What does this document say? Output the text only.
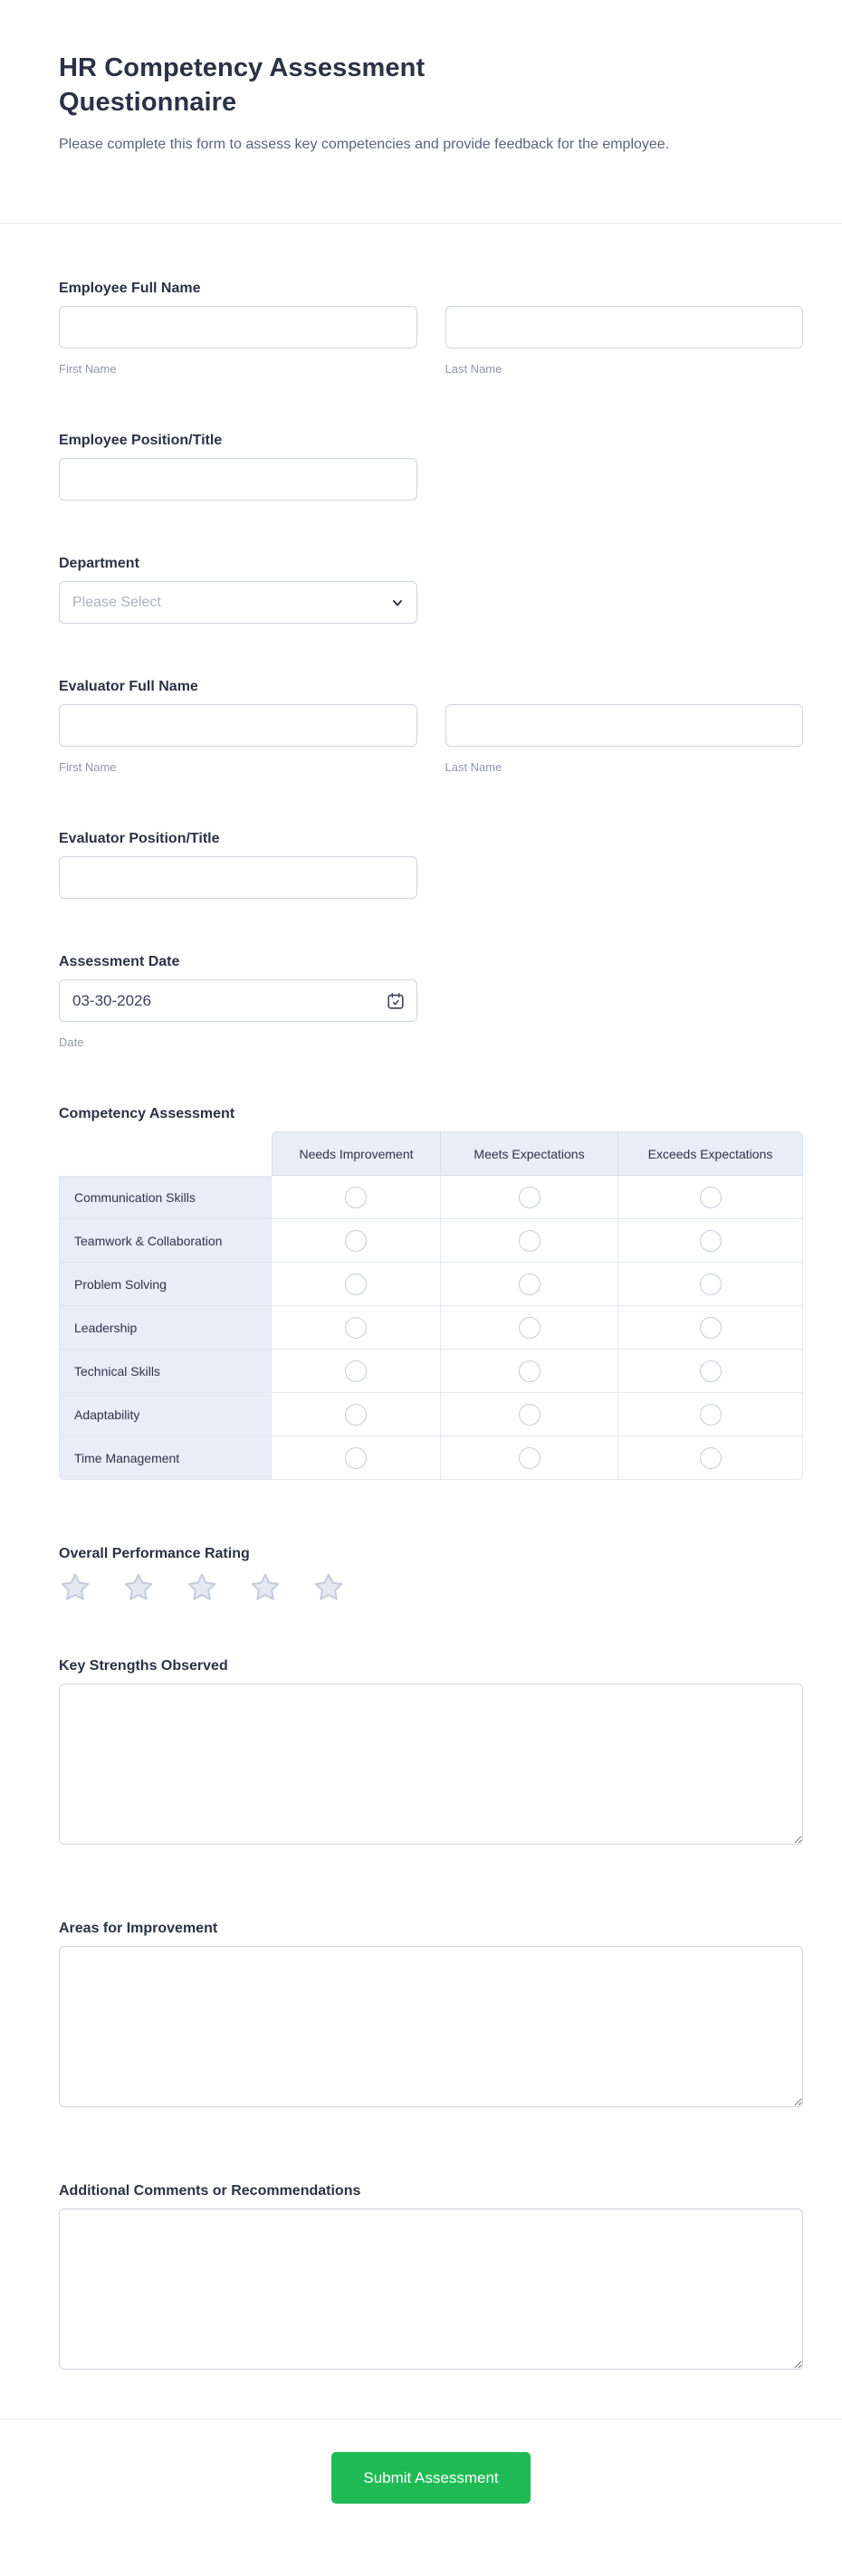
HR Competency Assessment Questionnaire

Please complete this form to assess key competencies and provide feedback for the employee.

Employee Full Name
First Name	Last Name
Employee Position/Title
Department
Please Select
Evaluator Full Name
First Name	Last Name
Evaluator Position/Title
Assessment Date
03-30-2026
Date
Competency Assessment
	Needs Improvement	Meets Expectations	Exceeds Expectations
Communication Skills			
Teamwork & Collaboration			
Problem Solving			
Leadership			
Technical Skills			
Adaptability			
Time Management			
Overall Performance Rating
Key Strengths Observed
Areas for Improvement
Additional Comments or Recommendations
Submit Assessment
